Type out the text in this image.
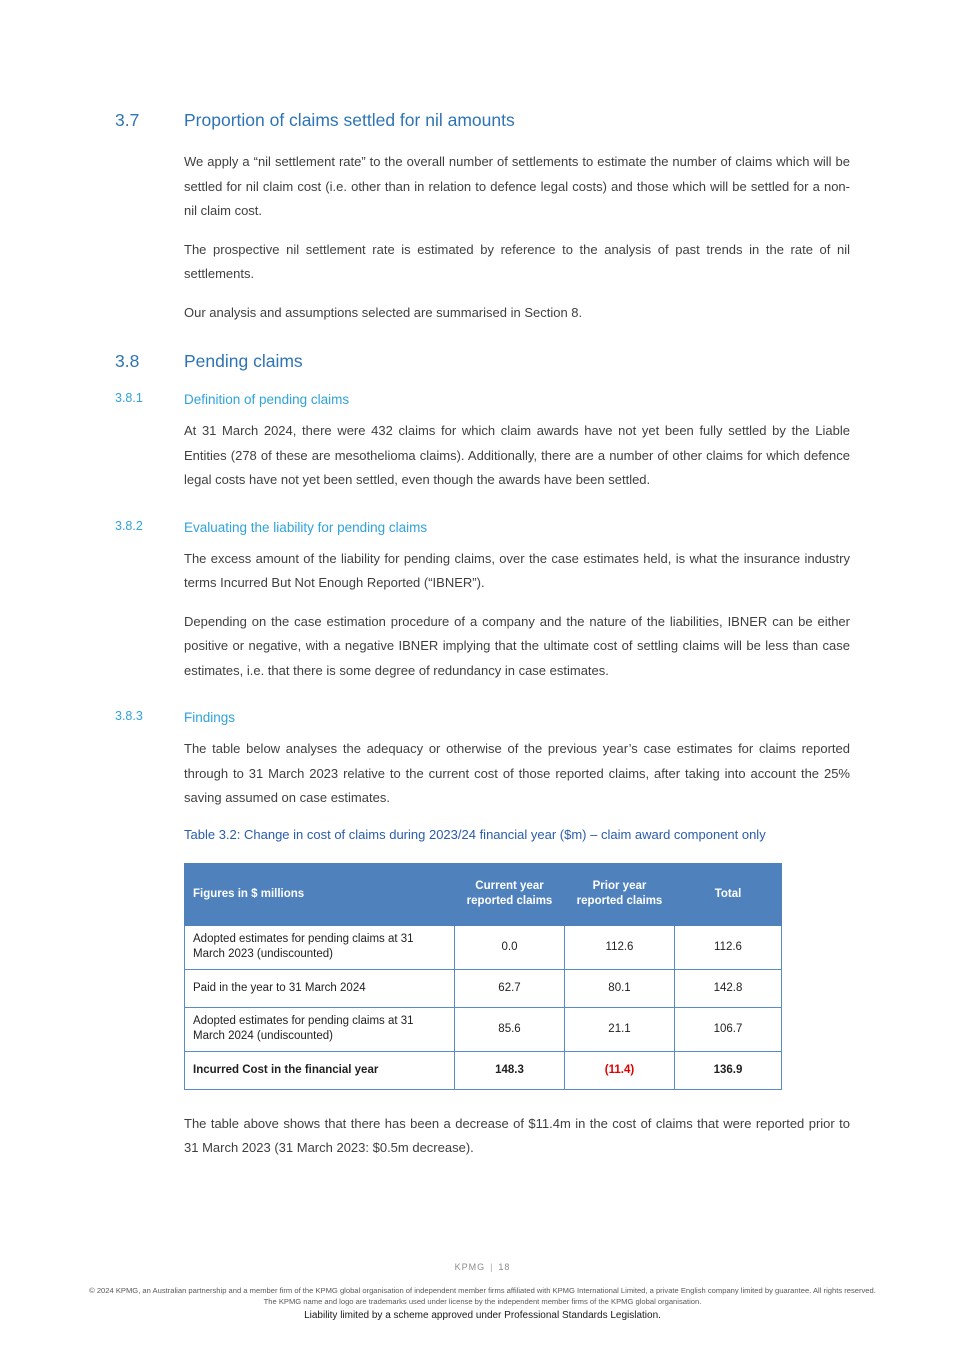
3.7	Proportion of claims settled for nil amounts

We apply a “nil settlement rate” to the overall number of settlements to estimate the number of claims which will be settled for nil claim cost (i.e. other than in relation to defence legal costs) and those which will be settled for a non-nil claim cost.

The prospective nil settlement rate is estimated by reference to the analysis of past trends in the rate of nil settlements.

Our analysis and assumptions selected are summarised in Section 8.

3.8	Pending claims
3.8.1	Definition of pending claims

At 31 March 2024, there were 432 claims for which claim awards have not yet been fully settled by the Liable Entities (278 of these are mesothelioma claims). Additionally, there are a number of other claims for which defence legal costs have not yet been settled, even though the awards have been settled.

3.8.2	Evaluating the liability for pending claims

The excess amount of the liability for pending claims, over the case estimates held, is what the insurance industry terms Incurred But Not Enough Reported (“IBNER”).

Depending on the case estimation procedure of a company and the nature of the liabilities, IBNER can be either positive or negative, with a negative IBNER implying that the ultimate cost of settling claims will be less than case estimates, i.e. that there is some degree of redundancy in case estimates.

3.8.3	Findings

The table below analyses the adequacy or otherwise of the previous year’s case estimates for claims reported through to 31 March 2023 relative to the current cost of those reported claims, after taking into account the 25% saving assumed on case estimates.

Table 3.2: Change in cost of claims during 2023/24 financial year ($m) – claim award component only
Figures in $ millions	Current year reported claims	Prior year reported claims	Total
Adopted estimates for pending claims at 31 March 2023 (undiscounted)	0.0	112.6	112.6
Paid in the year to 31 March 2024	62.7	80.1	142.8
Adopted estimates for pending claims at 31 March 2024 (undiscounted)	85.6	21.1	106.7
Incurred Cost in the financial year	148.3	(11.4)	136.9

The table above shows that there has been a decrease of $11.4m in the cost of claims that were reported prior to 31 March 2023 (31 March 2023: $0.5m decrease).

KPMG | 18
© 2024 KPMG, an Australian partnership and a member firm of the KPMG global organisation of independent member firms affiliated with KPMG International Limited, a private English company limited by guarantee. All rights reserved. The KPMG name and logo are trademarks used under license by the independent member firms of the KPMG global organisation.
Liability limited by a scheme approved under Professional Standards Legislation.
